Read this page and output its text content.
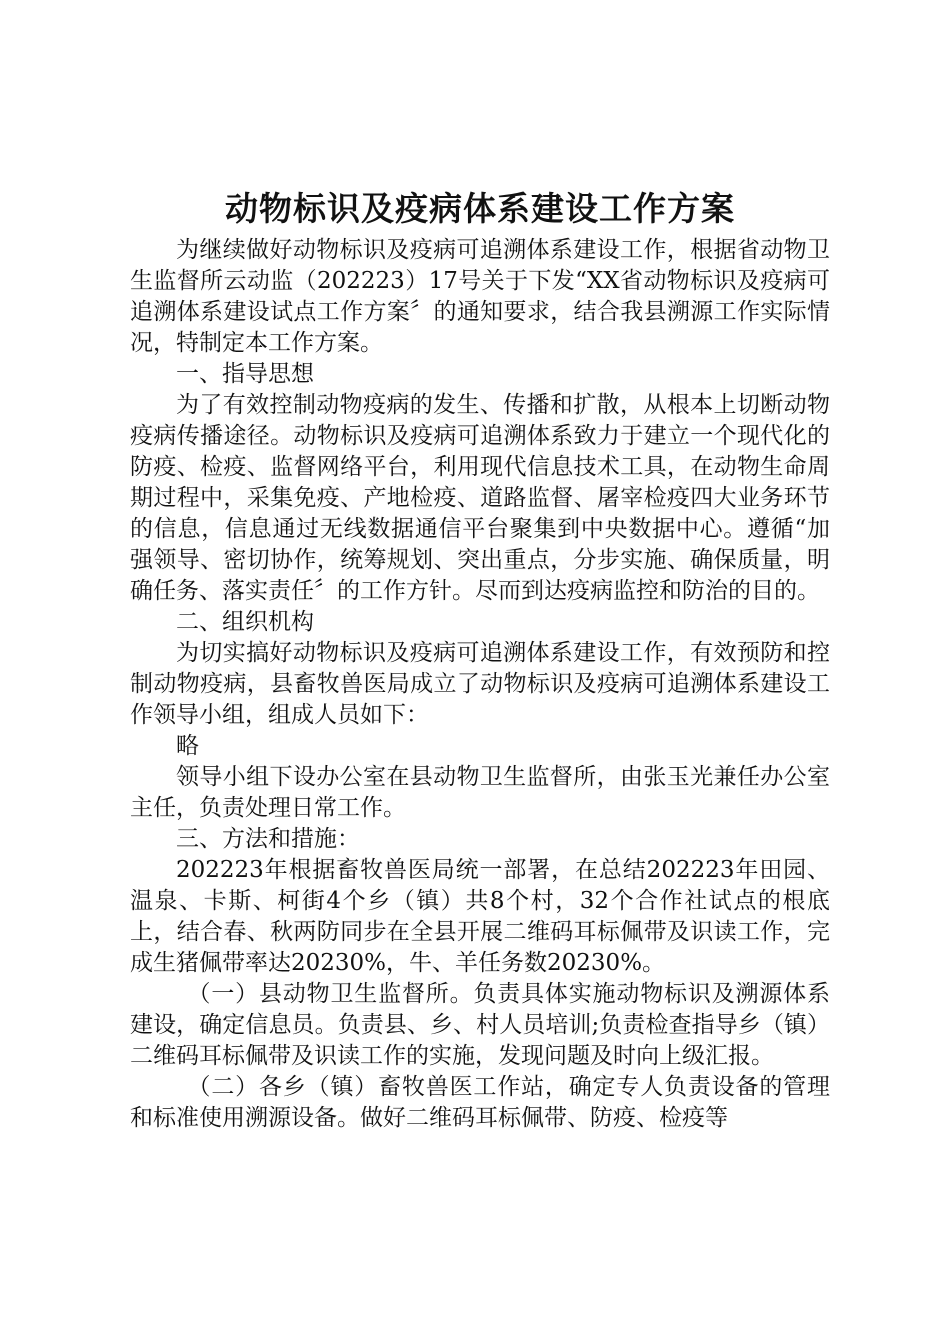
动物标识及疫病体系建设工作方案

为继续做好动物标识及疫病可追溯体系建设工作，根据省动物卫生监督所云动监（202223）17号关于下发“XX省动物标识及疫病可追溯体系建设试点工作方案〞的通知要求，结合我县溯源工作实际情况，特制定本工作方案。

一、指导思想

为了有效控制动物疫病的发生、传播和扩散，从根本上切断动物疫病传播途径。动物标识及疫病可追溯体系致力于建立一个现代化的防疫、检疫、监督网络平台，利用现代信息技术工具，在动物生命周期过程中，采集免疫、产地检疫、道路监督、屠宰检疫四大业务环节的信息，信息通过无线数据通信平台聚集到中央数据中心。遵循“加强领导、密切协作，统筹规划、突出重点，分步实施、确保质量，明确任务、落实责任〞的工作方针。尽而到达疫病监控和防治的目的。

二、组织机构

为切实搞好动物标识及疫病可追溯体系建设工作，有效预防和控制动物疫病，县畜牧兽医局成立了动物标识及疫病可追溯体系建设工作领导小组，组成人员如下：

略

领导小组下设办公室在县动物卫生监督所，由张玉光兼任办公室主任，负责处理日常工作。

三、方法和措施：

202223年根据畜牧兽医局统一部署，在总结202223年田园、温泉、卡斯、柯街4个乡（镇）共8个村，32个合作社试点的根底上，结合春、秋两防同步在全县开展二维码耳标佩带及识读工作，完成生猪佩带率达20230%，牛、羊任务数20230%。

（一）县动物卫生监督所。负责具体实施动物标识及溯源体系建设，确定信息员。负责县、乡、村人员培训;负责检查指导乡（镇）二维码耳标佩带及识读工作的实施，发现问题及时向上级汇报。

（二）各乡（镇）畜牧兽医工作站，确定专人负责设备的管理和标准使用溯源设备。做好二维码耳标佩带、防疫、检疫等
